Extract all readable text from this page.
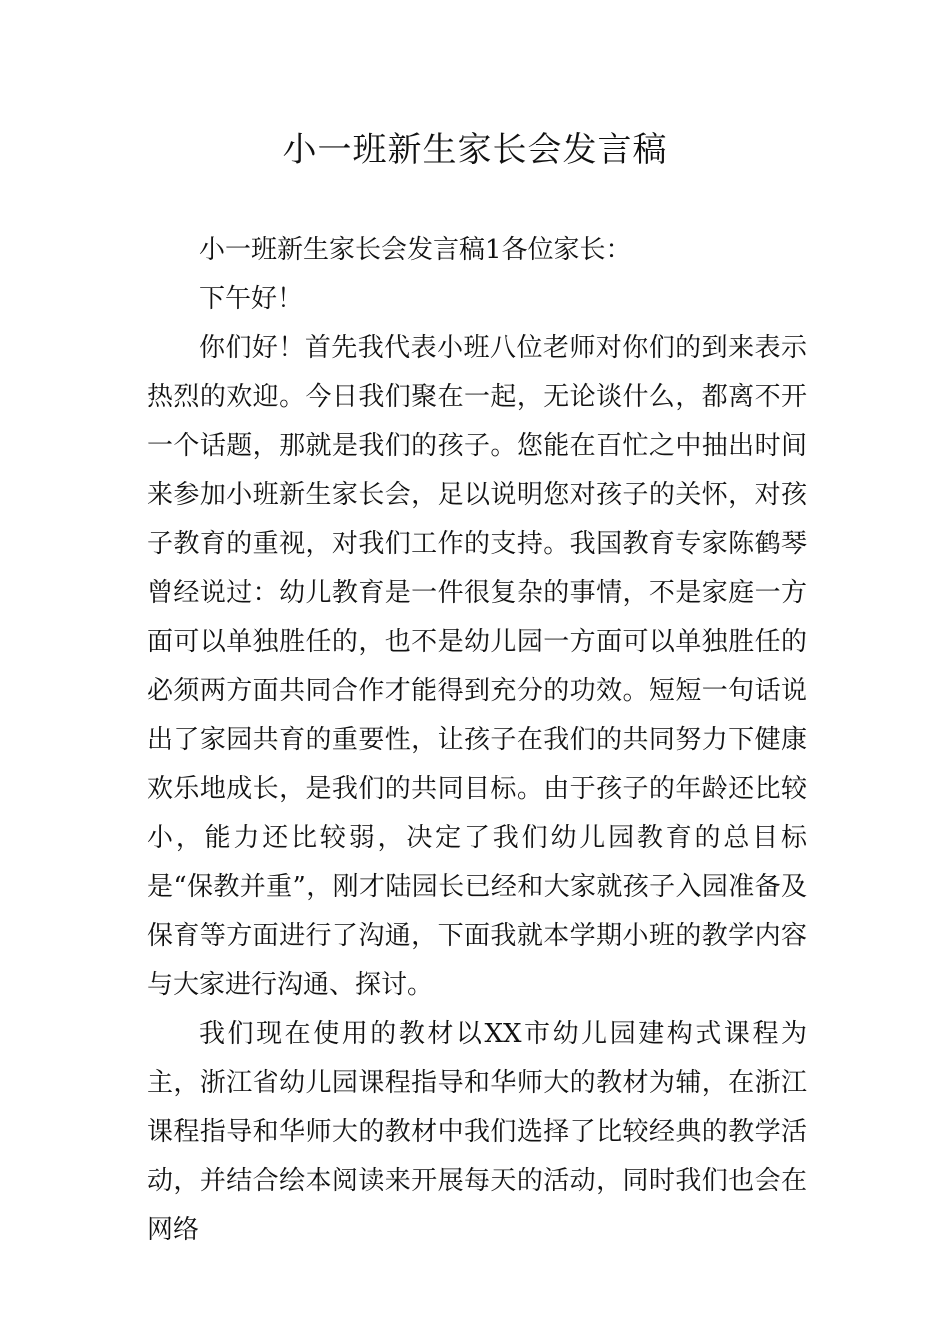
小一班新生家长会发言稿

小一班新生家长会发言稿1各位家长：

下午好！

你们好！首先我代表小班八位老师对你们的到来表示热烈的欢迎。今日我们聚在一起，无论谈什么，都离不开一个话题，那就是我们的孩子。您能在百忙之中抽出时间来参加小班新生家长会，足以说明您对孩子的关怀，对孩子教育的重视，对我们工作的支持。我国教育专家陈鹤琴曾经说过：幼儿教育是一件很复杂的事情，不是家庭一方面可以单独胜任的，也不是幼儿园一方面可以单独胜任的必须两方面共同合作才能得到充分的功效。短短一句话说出了家园共育的重要性，让孩子在我们的共同努力下健康欢乐地成长，是我们的共同目标。由于孩子的年龄还比较小，能力还比较弱，决定了我们幼儿园教育的总目标是“保教并重”，刚才陆园长已经和大家就孩子入园准备及保育等方面进行了沟通，下面我就本学期小班的教学内容与大家进行沟通、探讨。

我们现在使用的教材以XX市幼儿园建构式课程为主，浙江省幼儿园课程指导和华师大的教材为辅，在浙江课程指导和华师大的教材中我们选择了比较经典的教学活动，并结合绘本阅读来开展每天的活动，同时我们也会在网络
